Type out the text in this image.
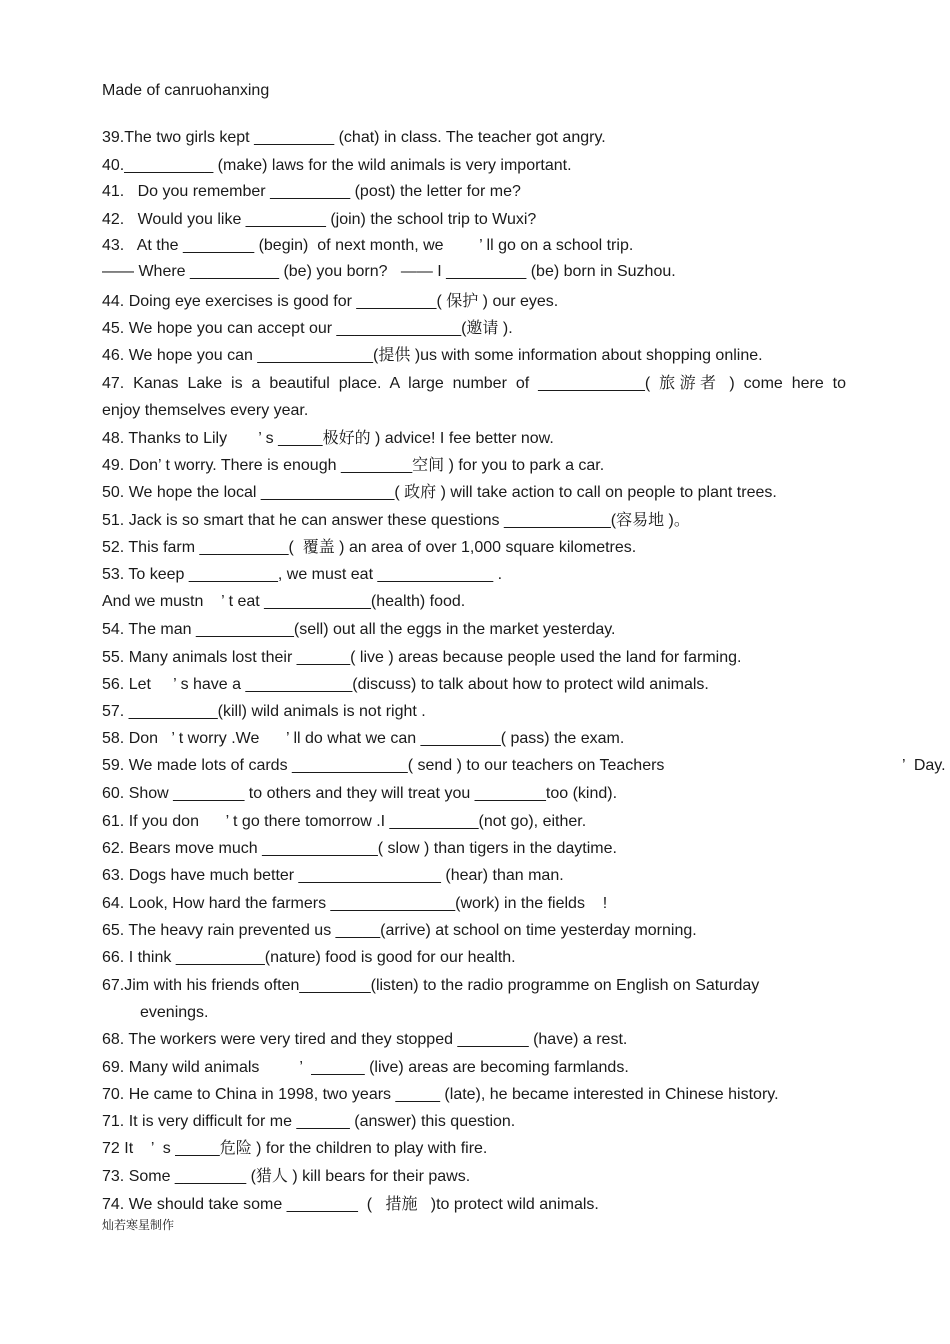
Made of canruohanxing
39.The two girls kept _________ (chat) in class. The teacher got angry.
40.__________ (make) laws for the wild animals is very important.
41.   Do you remember _________ (post) the letter for me?
42.   Would you like _________ (join) the school trip to Wuxi?
43.   At the ________ (begin)  of next month, we        ’ ll go on a school trip.
—— Where __________ (be) you born?   —— I _________ (be) born in Suzhou.
44. Doing eye exercises is good for _________( 保护 ) our eyes.
45. We hope you can accept our ______________(邀请 ).
46. We hope you can _____________(提供 )us with some information about shopping online.
47. Kanas Lake is a beautiful place. A large number of ____________( 旅游者 ) come here to
enjoy themselves every year.
48. Thanks to Lily       ’ s _____极好的 ) advice! I fee better now.
49. Don’ t worry. There is enough ________空间 ) for you to park a car.
50. We hope the local _______________( 政府 ) will take action to call on people to plant trees.
51. Jack is so smart that he can answer these questions ____________(容易地 )。
52. This farm __________(  覆盖 ) an area of over 1,000 square kilometres.
53. To keep __________, we must eat _____________ .
And we mustn    ’ t eat ____________(health) food.
54. The man ___________(sell) out all the eggs in the market yesterday.
55. Many animals lost their ______( live ) areas because people used the land for farming.
56. Let     ’ s have a ____________(discuss) to talk about how to protect wild animals.
57. __________(kill) wild animals is not right .
58. Don   ’ t worry .We      ’ ll do what we can _________( pass) the exam.
59. We made lots of cards _____________( send ) to our teachers on Teachers	’  Day.
60. Show ________ to others and they will treat you ________too (kind).
61. If you don      ’ t go there tomorrow .I __________(not go), either.
62. Bears move much _____________( slow ) than tigers in the daytime.
63. Dogs have much better ________________ (hear) than man.
64. Look, How hard the farmers ______________(work) in the fields    !
65. The heavy rain prevented us _____(arrive) at school on time yesterday morning.
66. I think __________(nature) food is good for our health.
67.Jim with his friends often________(listen) to the radio programme on English on Saturday
evenings.
68. The workers were very tired and they stopped ________ (have) a rest.
69. Many wild animals         ’  ______ (live) areas are becoming farmlands.
70. He came to China in 1998, two years _____ (late), he became interested in Chinese history.
71. It is very difficult for me ______ (answer) this question.
72 It    ’  s _____危险 ) for the children to play with fire.
73. Some ________ (猎人 ) kill bears for their paws.
74. We should take some ________  (   措施   )to protect wild animals.
灿若寒星制作
